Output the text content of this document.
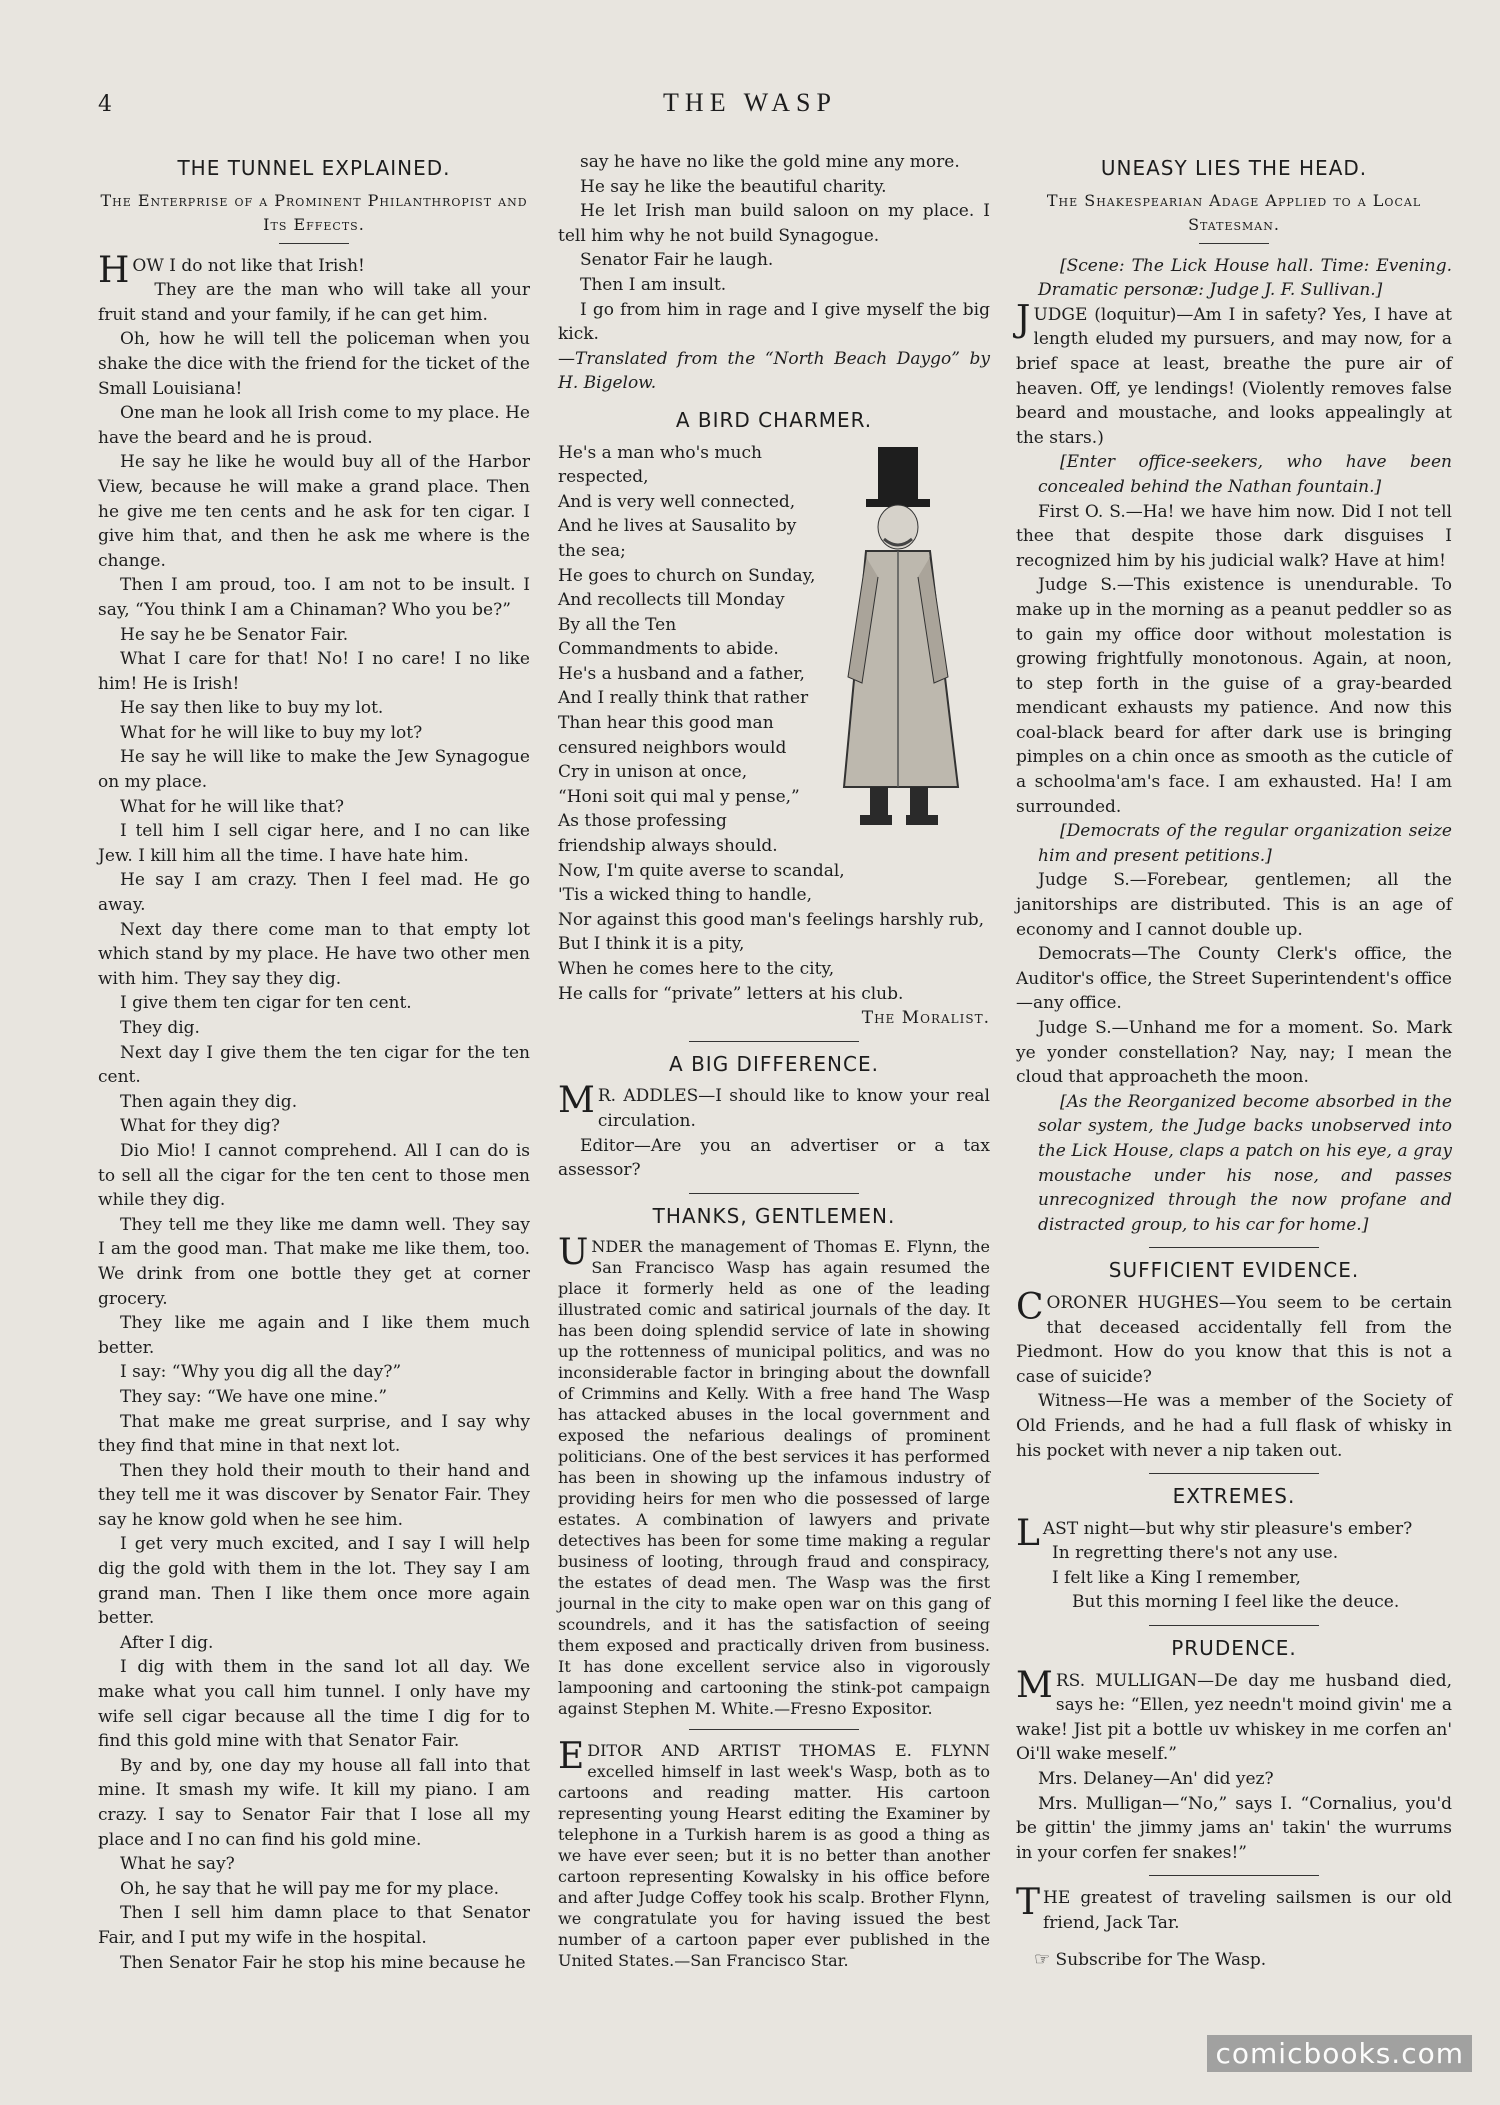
4	THE WASP
THE TUNNEL EXPLAINED.
The Enterprise of a Prominent Philanthropist and Its Effects.

HOW I do not like that Irish!

They are the man who will take all your fruit stand and your family, if he can get him.

Oh, how he will tell the policeman when you shake the dice with the friend for the ticket of the Small Louisiana!

One man he look all Irish come to my place. He have the beard and he is proud.

He say he like he would buy all of the Harbor View, because he will make a grand place. Then he give me ten cents and he ask for ten cigar. I give him that, and then he ask me where is the change.

Then I am proud, too. I am not to be insult. I say, “You think I am a Chinaman? Who you be?”

He say he be Senator Fair.

What I care for that! No! I no care! I no like him! He is Irish!

He say then like to buy my lot.

What for he will like to buy my lot?

He say he will like to make the Jew Synagogue on my place.

What for he will like that?

I tell him I sell cigar here, and I no can like Jew. I kill him all the time. I have hate him.

He say I am crazy. Then I feel mad. He go away.

Next day there come man to that empty lot which stand by my place. He have two other men with him. They say they dig.

I give them ten cigar for ten cent.

They dig.

Next day I give them the ten cigar for the ten cent.

Then again they dig.

What for they dig?

Dio Mio! I cannot comprehend. All I can do is to sell all the cigar for the ten cent to those men while they dig.

They tell me they like me damn well. They say I am the good man. That make me like them, too. We drink from one bottle they get at corner grocery.

They like me again and I like them much better.

I say: “Why you dig all the day?”

They say: “We have one mine.”

That make me great surprise, and I say why they find that mine in that next lot.

Then they hold their mouth to their hand and they tell me it was discover by Senator Fair. They say he know gold when he see him.

I get very much excited, and I say I will help dig the gold with them in the lot. They say I am grand man. Then I like them once more again better.

After I dig.

I dig with them in the sand lot all day. We make what you call him tunnel. I only have my wife sell cigar because all the time I dig for to find this gold mine with that Senator Fair.

By and by, one day my house all fall into that mine. It smash my wife. It kill my piano. I am crazy. I say to Senator Fair that I lose all my place and I no can find his gold mine.

What he say?

Oh, he say that he will pay me for my place.

Then I sell him damn place to that Senator Fair, and I put my wife in the hospital.

Then Senator Fair he stop his mine because he

say he have no like the gold mine any more.

He say he like the beautiful charity.

He let Irish man build saloon on my place. I tell him why he not build Synagogue.

Senator Fair he laugh.

Then I am insult.

I go from him in rage and I give myself the big kick.

—Translated from the “North Beach Daygo” by H. Bigelow.

A BIRD CHARMER.

He's a man who's much respected,

And is very well connected,

And he lives at Sausalito by the sea;

He goes to church on Sunday,

And recollects till Monday

By all the Ten Commandments to abide.

He's a husband and a father,

And I really think that rather

Than hear this good man censured neighbors would

Cry in unison at once,

“Honi soit qui mal y pense,”

As those professing friendship always should.

Now, I'm quite averse to scandal,

'Tis a wicked thing to handle,

Nor against this good man's feelings harshly rub,

But I think it is a pity,

When he comes here to the city,

He calls for “private” letters at his club.

The Moralist.

A BIG DIFFERENCE.

M R. ADDLES—I should like to know your real circulation.

Editor—Are you an advertiser or a tax assessor?

THANKS, GENTLEMEN.

UNDER the management of Thomas E. Flynn, the San Francisco Wasp has again resumed the place it formerly held as one of the leading illustrated comic and satirical journals of the day. It has been doing splendid service of late in showing up the rottenness of municipal politics, and was no inconsiderable factor in bringing about the downfall of Crimmins and Kelly. With a free hand The Wasp has attacked abuses in the local government and exposed the nefarious dealings of prominent politicians. One of the best services it has performed has been in showing up the infamous industry of providing heirs for men who die possessed of large estates. A combination of lawyers and private detectives has been for some time making a regular business of looting, through fraud and conspiracy, the estates of dead men. The Wasp was the first journal in the city to make open war on this gang of scoundrels, and it has the satisfaction of seeing them exposed and practically driven from business. It has done excellent service also in vigorously lampooning and cartooning the stink-pot campaign against Stephen M. White.—Fresno Expositor.

EDITOR AND ARTIST THOMAS E. FLYNN excelled himself in last week's Wasp, both as to cartoons and reading matter. His cartoon representing young Hearst editing the Examiner by telephone in a Turkish harem is as good a thing as we have ever seen; but it is no better than another cartoon representing Kowalsky in his office before and after Judge Coffey took his scalp. Brother Flynn, we congratulate you for having issued the best number of a cartoon paper ever published in the United States.—San Francisco Star.

UNEASY LIES THE HEAD.
The Shakespearian Adage Applied to a Local Statesman.

[Scene: The Lick House hall. Time: Evening. Dramatic personæ: Judge J. F. Sullivan.]

JUDGE (loquitur)—Am I in safety? Yes, I have at length eluded my pursuers, and may now, for a brief space at least, breathe the pure air of heaven. Off, ye lendings! (Violently removes false beard and moustache, and looks appealingly at the stars.)

[Enter office-seekers, who have been concealed behind the Nathan fountain.]

First O. S.—Ha! we have him now. Did I not tell thee that despite those dark disguises I recognized him by his judicial walk? Have at him!

Judge S.—This existence is unendurable. To make up in the morning as a peanut peddler so as to gain my office door without molestation is growing frightfully monotonous. Again, at noon, to step forth in the guise of a gray-bearded mendicant exhausts my patience. And now this coal-black beard for after dark use is bringing pimples on a chin once as smooth as the cuticle of a schoolma'am's face. I am exhausted. Ha! I am surrounded.

[Democrats of the regular organization seize him and present petitions.]

Judge S.—Forebear, gentlemen; all the janitorships are distributed. This is an age of economy and I cannot double up.

Democrats—The County Clerk's office, the Auditor's office, the Street Superintendent's office—any office.

Judge S.—Unhand me for a moment. So. Mark ye yonder constellation? Nay, nay; I mean the cloud that approacheth the moon.

[As the Reorganized become absorbed in the solar system, the Judge backs unobserved into the Lick House, claps a patch on his eye, a gray moustache under his nose, and passes unrecognized through the now profane and distracted group, to his car for home.]

SUFFICIENT EVIDENCE.

CORONER HUGHES—You seem to be certain that deceased accidentally fell from the Piedmont. How do you know that this is not a case of suicide?

Witness—He was a member of the Society of Old Friends, and he had a full flask of whisky in his pocket with never a nip taken out.

EXTREMES.

LAST night—but why stir pleasure's ember?

In regretting there's not any use.

I felt like a King I remember,

But this morning I feel like the deuce.

PRUDENCE.

MRS. MULLIGAN—De day me husband died, says he: “Ellen, yez needn't moind givin' me a wake! Jist pit a bottle uv whiskey in me corfen an' Oi'll wake meself.”

Mrs. Delaney—An' did yez?

Mrs. Mulligan—“No,” says I. “Cornalius, you'd be gittin' the jimmy jams an' takin' the wurrums in your corfen fer snakes!”

THE greatest of traveling sailsmen is our old friend, Jack Tar.

☞ Subscribe for The Wasp.

comicbooks.com
